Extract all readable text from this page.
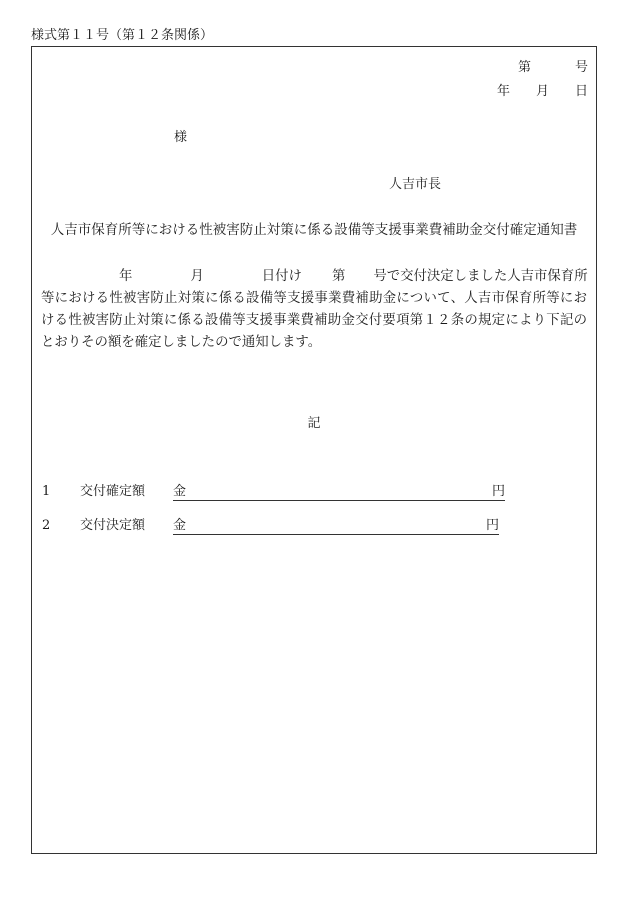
様式第１１号（第１２条関係）
第	号
年 月 日
様
人吉市長
人吉市保育所等における性被害防止対策に係る設備等支援事業費補助金交付確定通知書
年	月	日付け 第 号で交付決定しました人吉市保育所
等における性被害防止対策に係る設備等支援事業費補助金について、人吉市保育所等における性被害防止対策に係る設備等支援事業費補助金交付要項第１２条の規定により下記のとおりその額を確定しましたので通知します。
記
1 交付確定額 金	円
2 交付決定額 金	円
